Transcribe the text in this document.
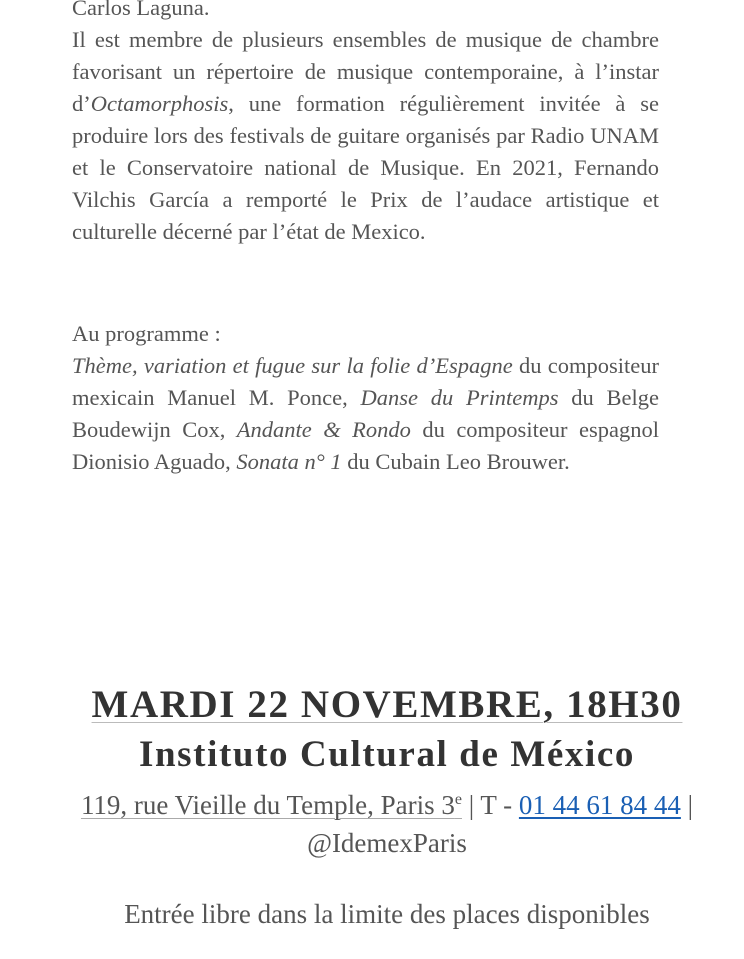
Carlos Laguna.

Il est membre de plusieurs ensembles de musique de chambre favorisant un répertoire de musique contemporaine, à l’instar d’Octamorphosis, une formation régulièrement invitée à se produire lors des festivals de guitare organisés par Radio UNAM et le Conservatoire national de Musique. En 2021, Fernando Vilchis García a remporté le Prix de l’audace artistique et culturelle décerné par l’état de Mexico.

Au programme :

Thème, variation et fugue sur la folie d’Espagne du compositeur mexicain Manuel M. Ponce, Danse du Printemps du Belge Boudewijn Cox, Andante & Rondo du compositeur espagnol Dionisio Aguado, Sonata n° 1 du Cubain Leo Brouwer.

MARDI 22 NOVEMBRE, 18H30
Instituto Cultural de México
119, rue Vieille du Temple, Paris 3e | T - 01 44 61 84 44 | @IdemexParis
Entrée libre dans la limite des places disponibles
